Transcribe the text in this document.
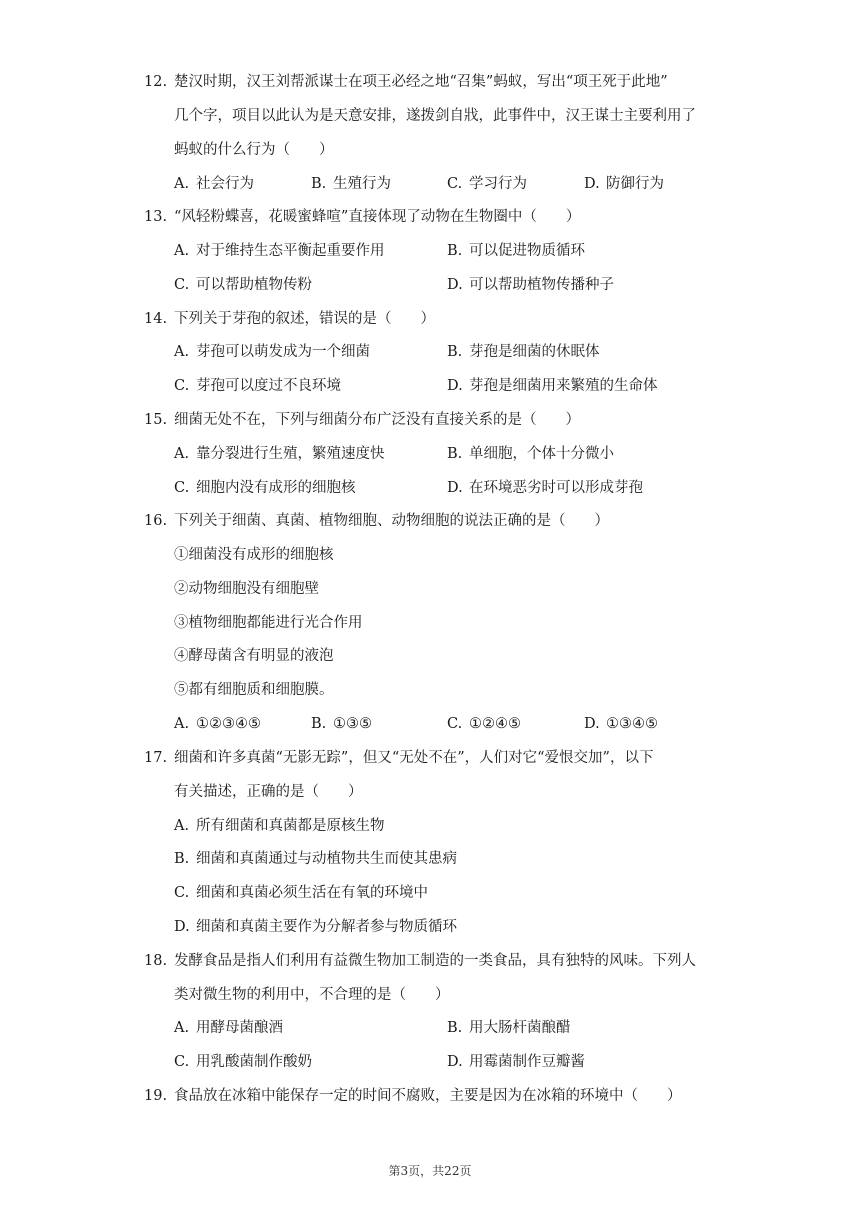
12. 楚汉时期，汉王刘帮派谋士在项王必经之地“召集”蚂蚁，写出“项王死于此地”
几个字，项目以此认为是天意安排，遂拨剑自戕，此事件中，汉王谋士主要利用了
蚂蚁的什么行为（　　）
A. 社会行为	B. 生殖行为	C. 学习行为	D. 防御行为
13. “风轻粉蝶喜，花暖蜜蜂喧”直接体现了动物在生物圈中（　　）
A. 对于维持生态平衡起重要作用	B. 可以促进物质循环
C. 可以帮助植物传粉	D. 可以帮助植物传播种子
14. 下列关于芽孢的叙述，错误的是（　　）
A. 芽孢可以萌发成为一个细菌	B. 芽孢是细菌的休眠体
C. 芽孢可以度过不良环境	D. 芽孢是细菌用来繁殖的生命体
15. 细菌无处不在，下列与细菌分布广泛没有直接关系的是（　　）
A. 靠分裂进行生殖，繁殖速度快	B. 单细胞，个体十分微小
C. 细胞内没有成形的细胞核	D. 在环境恶劣时可以形成芽孢
16. 下列关于细菌、真菌、植物细胞、动物细胞的说法正确的是（　　）
①细菌没有成形的细胞核
②动物细胞没有细胞壁
③植物细胞都能进行光合作用
④酵母菌含有明显的液泡
⑤都有细胞质和细胞膜。
A. ①②③④⑤	B. ①③⑤	C. ①②④⑤	D. ①③④⑤
17. 细菌和许多真菌“无影无踪”，但又“无处不在”，人们对它“爱恨交加”，以下
有关描述，正确的是（　　）
A. 所有细菌和真菌都是原核生物
B. 细菌和真菌通过与动植物共生而使其患病
C. 细菌和真菌必须生活在有氧的环境中
D. 细菌和真菌主要作为分解者参与物质循环
18. 发酵食品是指人们利用有益微生物加工制造的一类食品，具有独特的风味。下列人
类对微生物的利用中，不合理的是（　　）
A. 用酵母菌酿酒	B. 用大肠杆菌酿醋
C. 用乳酸菌制作酸奶	D. 用霉菌制作豆瓣酱
19. 食品放在冰箱中能保存一定的时间不腐败，主要是因为在冰箱的环境中（　　）
第3页，共22页
